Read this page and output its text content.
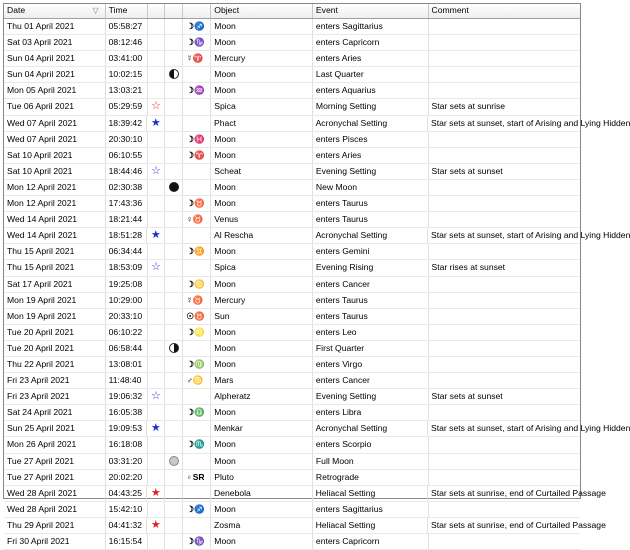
Date	▽	Time	Object	Event	Comment
Thu 01 April 2021	05:58:27	☽♐	Moon	enters Sagittarius
Sat 03 April 2021	08:12:46	☽♑	Moon	enters Capricorn
Sun 04 April 2021	03:41:00	☿♈	Mercury	enters Aries
Sun 04 April 2021	10:02:15	Moon	Last Quarter
Mon 05 April 2021	13:03:21	☽♒	Moon	enters Aquarius
Tue 06 April 2021	05:29:59 ☆	Spica	Morning Setting	Star sets at sunrise
Wed 07 April 2021	18:39:42 ★	Phact	Acronychal Setting	Star sets at sunset, start of Arising and Lying Hidden
Wed 07 April 2021	20:30:10	☽♓	Moon	enters Pisces
Sat 10 April 2021	06:10:55	☽♈	Moon	enters Aries
Sat 10 April 2021	18:44:46 ☆	Scheat	Evening Setting	Star sets at sunset
Mon 12 April 2021	02:30:38	Moon	New Moon
Mon 12 April 2021	17:43:36	☽♉	Moon	enters Taurus
Wed 14 April 2021	18:21:44	♀♉	Venus	enters Taurus
Wed 14 April 2021	18:51:28 ★	Al Rescha	Acronychal Setting	Star sets at sunset, start of Arising and Lying Hidden
Thu 15 April 2021	06:34:44	☽♊	Moon	enters Gemini
Thu 15 April 2021	18:53:09 ☆	Spica	Evening Rising	Star rises at sunset
Sat 17 April 2021	19:25:08	☽♋	Moon	enters Cancer
Mon 19 April 2021	10:29:00	☿♉	Mercury	enters Taurus
Mon 19 April 2021	20:33:10	☉♉	Sun	enters Taurus
Tue 20 April 2021	06:10:22	☽♌	Moon	enters Leo
Tue 20 April 2021	06:58:44	Moon	First Quarter
Thu 22 April 2021	13:08:01	☽♍	Moon	enters Virgo
Fri 23 April 2021	11:48:40	♂♋	Mars	enters Cancer
Fri 23 April 2021	19:06:32 ☆	Alpheratz	Evening Setting	Star sets at sunset
Sat 24 April 2021	16:05:38	☽♎	Moon	enters Libra
Sun 25 April 2021	19:09:53 ★	Menkar	Acronychal Setting	Star sets at sunset, start of Arising and Lying Hidden
Mon 26 April 2021	16:18:08	☽♏	Moon	enters Scorpio
Tue 27 April 2021	03:31:20	Moon	Full Moon
Tue 27 April 2021	20:02:20	♇SR	Pluto	Retrograde
Wed 28 April 2021	04:43:25 ★	Denebola	Heliacal Setting	Star sets at sunrise, end of Curtailed Passage
Wed 28 April 2021	15:42:10	☽♐	Moon	enters Sagittarius
Thu 29 April 2021	04:41:32 ★	Zosma	Heliacal Setting	Star sets at sunrise, end of Curtailed Passage
Fri 30 April 2021	16:15:54	☽♑	Moon	enters Capricorn
